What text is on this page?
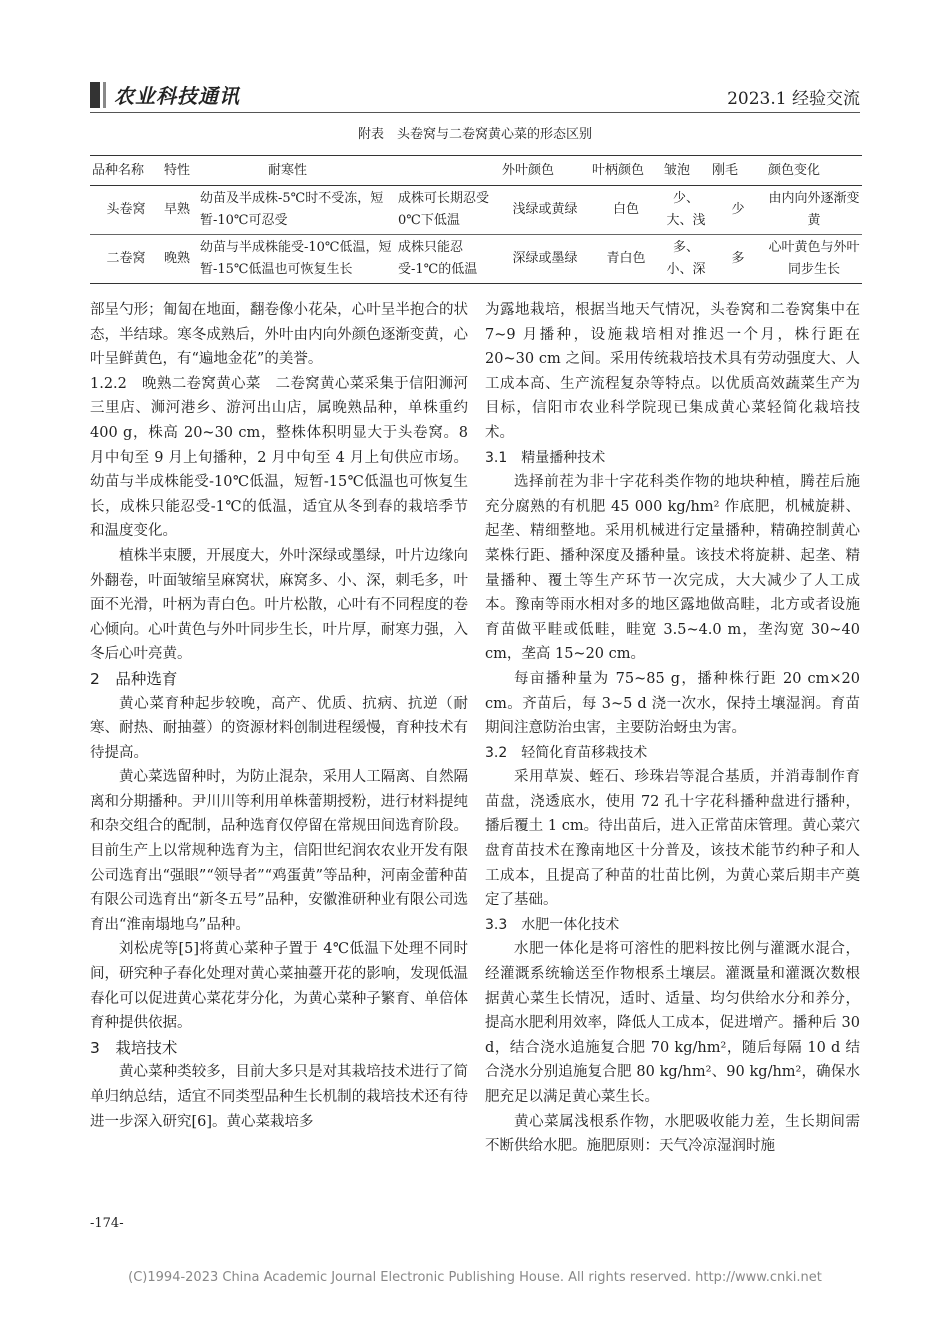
农业科技通讯	2023.1 经验交流
附表　头卷窝与二卷窝黄心菜的形态区别
品种名称	特性	耐寒性		外叶颜色	叶柄颜色	皱泡	刚毛	颜色变化
头卷窝	早熟	幼苗及半成株-5℃时不受冻，短暂-10℃可忍受	成株可长期忍受 0℃下低温	浅绿或黄绿	白色	少、大、浅	少	由内向外逐渐变黄
二卷窝	晚熟	幼苗与半成株能受-10℃低温，短暂-15℃低温也可恢复生长	成株只能忍受-1℃的低温	深绿或墨绿	青白色	多、小、深	多	心叶黄色与外叶同步生长

部呈勺形；匍匐在地面，翻卷像小花朵，心叶呈半抱合的状态，半结球。寒冬成熟后，外叶由内向外颜色逐渐变黄，心叶呈鲜黄色，有“遍地金花”的美誉。

1.2.2　晚熟二卷窝黄心菜　二卷窝黄心菜采集于信阳浉河三里店、浉河港乡、游河出山店，属晚熟品种，单株重约 400 g，株高 20~30 cm，整株体积明显大于头卷窝。8 月中旬至 9 月上旬播种，2 月中旬至 4 月上旬供应市场。幼苗与半成株能受-10℃低温，短暂-15℃低温也可恢复生长，成株只能忍受-1℃的低温，适宜从冬到春的栽培季节和温度变化。

植株半束腰，开展度大，外叶深绿或墨绿，叶片边缘向外翻卷，叶面皱缩呈麻窝状，麻窝多、小、深，刺毛多，叶面不光滑，叶柄为青白色。叶片松散，心叶有不同程度的卷心倾向。心叶黄色与外叶同步生长，叶片厚，耐寒力强，入冬后心叶亮黄。

2　品种选育

黄心菜育种起步较晚，高产、优质、抗病、抗逆（耐寒、耐热、耐抽薹）的资源材料创制进程缓慢，育种技术有待提高。

黄心菜选留种时，为防止混杂，采用人工隔离、自然隔离和分期播种。尹川川等利用单株蕾期授粉，进行材料提纯和杂交组合的配制，品种选育仅停留在常规田间选育阶段。目前生产上以常规种选育为主，信阳世纪润农农业开发有限公司选育出“强眼”“领导者”“鸡蛋黄”等品种，河南金蕾种苗有限公司选育出“新冬五号”品种，安徽淮研种业有限公司选育出“淮南塌地乌”品种。

刘松虎等[5]将黄心菜种子置于 4℃低温下处理不同时间，研究种子春化处理对黄心菜抽薹开花的影响，发现低温春化可以促进黄心菜花芽分化，为黄心菜种子繁育、单倍体育种提供依据。

3　栽培技术

黄心菜种类较多，目前大多只是对其栽培技术进行了简单归纳总结，适宜不同类型品种生长机制的栽培技术还有待进一步深入研究[6]。黄心菜栽培多

为露地栽培，根据当地天气情况，头卷窝和二卷窝集中在 7~9 月播种，设施栽培相对推迟一个月，株行距在 20~30 cm 之间。采用传统栽培技术具有劳动强度大、人工成本高、生产流程复杂等特点。以优质高效蔬菜生产为目标，信阳市农业科学院现已集成黄心菜轻简化栽培技术。

3.1　精量播种技术

选择前茬为非十字花科类作物的地块种植，腾茬后施充分腐熟的有机肥 45 000 kg/hm² 作底肥，机械旋耕、起垄、精细整地。采用机械进行定量播种，精确控制黄心菜株行距、播种深度及播种量。该技术将旋耕、起垄、精量播种、覆土等生产环节一次完成，大大减少了人工成本。豫南等雨水相对多的地区露地做高畦，北方或者设施育苗做平畦或低畦，畦宽 3.5~4.0 m，垄沟宽 30~40 cm，垄高 15~20 cm。

每亩播种量为 75~85 g，播种株行距 20 cm×20 cm。齐苗后，每 3~5 d 浇一次水，保持土壤湿润。育苗期间注意防治虫害，主要防治蚜虫为害。

3.2　轻简化育苗移栽技术

采用草炭、蛭石、珍珠岩等混合基质，并消毒制作育苗盘，浇透底水，使用 72 孔十字花科播种盘进行播种，播后覆土 1 cm。待出苗后，进入正常苗床管理。黄心菜穴盘育苗技术在豫南地区十分普及，该技术能节约种子和人工成本，且提高了种苗的壮苗比例，为黄心菜后期丰产奠定了基础。

3.3　水肥一体化技术

水肥一体化是将可溶性的肥料按比例与灌溉水混合，经灌溉系统输送至作物根系土壤层。灌溉量和灌溉次数根据黄心菜生长情况，适时、适量、均匀供给水分和养分，提高水肥利用效率，降低人工成本，促进增产。播种后 30 d，结合浇水追施复合肥 70 kg/hm²，随后每隔 10 d 结合浇水分别追施复合肥 80 kg/hm²、90 kg/hm²，确保水肥充足以满足黄心菜生长。

黄心菜属浅根系作物，水肥吸收能力差，生长期间需不断供给水肥。施肥原则：天气冷凉湿润时施

-174-
(C)1994-2023 China Academic Journal Electronic Publishing House. All rights reserved. http://www.cnki.net
